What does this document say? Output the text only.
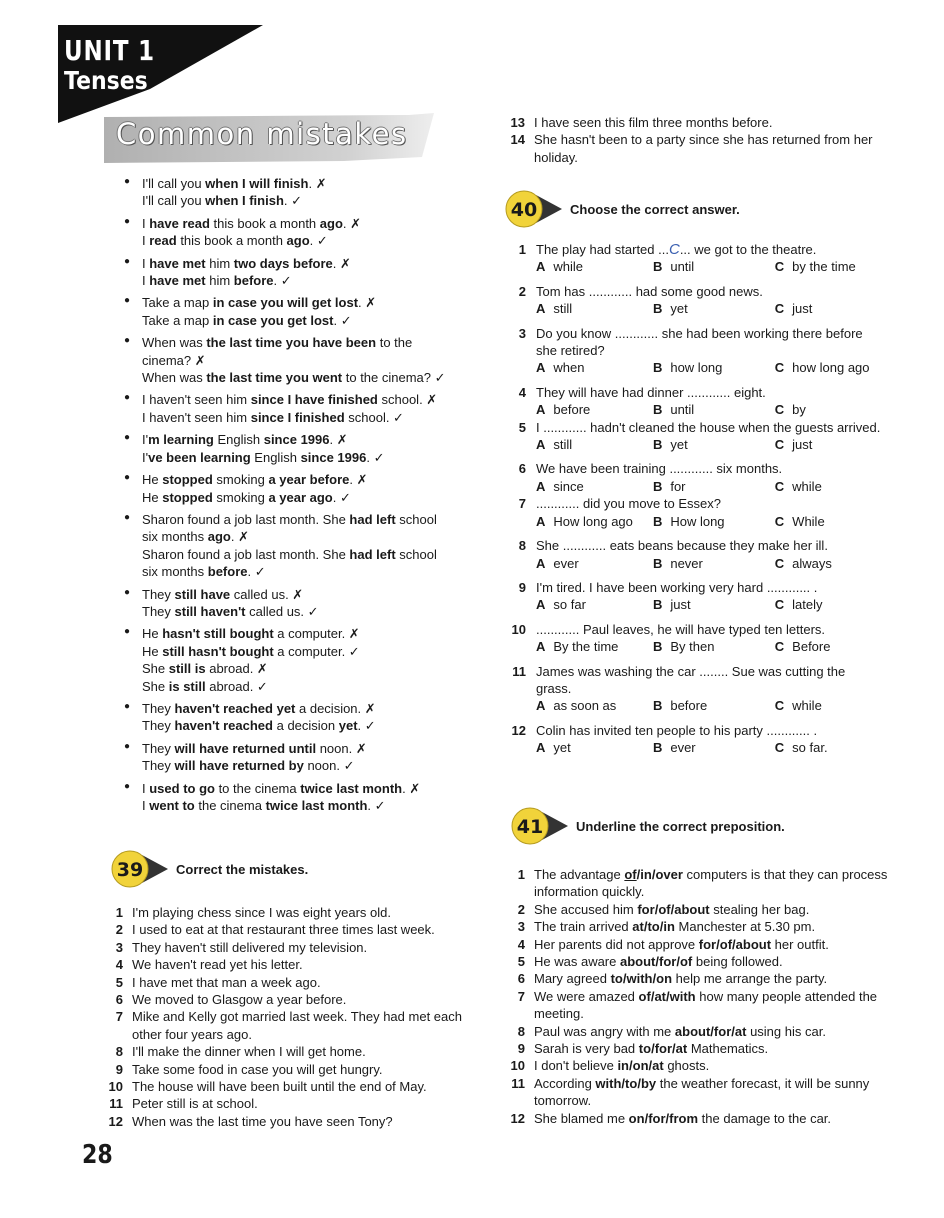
UNIT 1
Tenses
Common mistakes
● I'll call you when I will finish. ✗
I'll call you when I finish. ✓
● I have read this book a month ago. ✗
I read this book a month ago. ✓
● I have met him two days before. ✗
I have met him before. ✓
● Take a map in case you will get lost. ✗
Take a map in case you get lost. ✓
● When was the last time you have been to the
cinema? ✗
When was the last time you went to the cinema? ✓
● I haven't seen him since I have finished school. ✗
I haven't seen him since I finished school. ✓
● I'm learning English since 1996. ✗
I've been learning English since 1996. ✓
● He stopped smoking a year before. ✗
He stopped smoking a year ago. ✓
● Sharon found a job last month. She had left school
six months ago. ✗
Sharon found a job last month. She had left school
six months before. ✓
● They still have called us. ✗
They still haven't called us. ✓
● He hasn't still bought a computer. ✗
He still hasn't bought a computer. ✓
She still is abroad. ✗
She is still abroad. ✓
● They haven't reached yet a decision. ✗
They haven't reached a decision yet. ✓
● They will have returned until noon. ✗
They will have returned by noon. ✓
● I used to go to the cinema twice last month. ✗
I went to the cinema twice last month. ✓
39	Correct the mistakes.
1 I'm playing chess since I was eight years old.
2 I used to eat at that restaurant three times last week.
3 They haven't still delivered my television.
4 We haven't read yet his letter.
5 I have met that man a week ago.
6 We moved to Glasgow a year before.
7 Mike and Kelly got married last week. They had met each other four years ago.
8 I'll make the dinner when I will get home.
9 Take some food in case you will get hungry.
10 The house will have been built until the end of May.
11 Peter still is at school.
12 When was the last time you have seen Tony?
13 I have seen this film three months before.
14 She hasn't been to a party since she has returned from her holiday.
40	Choose the correct answer.
1 The play had started ...C... we got to the theatre.
A while	B until	C by the time
2 Tom has ............ had some good news.
A still	B yet	C just
3 Do you know ............ she had been working there before she retired?
A when	B how long	C how long ago
4 They will have had dinner ............ eight.
A before	B until	C by
5 I ............ hadn't cleaned the house when the guests arrived.
A still	B yet	C just
6 We have been training ............ six months.
A since	B for	C while
7 ............ did you move to Essex?
A How long ago	B How long	C While
8 She ............ eats beans because they make her ill.
A ever	B never	C always
9 I'm tired. I have been working very hard ............ .
A so far	B just	C lately
10 ............ Paul leaves, he will have typed ten letters.
A By the time	B By then	C Before
11 James was washing the car ........ Sue was cutting the grass.
A as soon as	B before	C while
12 Colin has invited ten people to his party ............ .
A yet	B ever	C so far.
41	Underline the correct preposition.
1 The advantage of/in/over computers is that they can process information quickly.
2 She accused him for/of/about stealing her bag.
3 The train arrived at/to/in Manchester at 5.30 pm.
4 Her parents did not approve for/of/about her outfit.
5 He was aware about/for/of being followed.
6 Mary agreed to/with/on help me arrange the party.
7 We were amazed of/at/with how many people attended the meeting.
8 Paul was angry with me about/for/at using his car.
9 Sarah is very bad to/for/at Mathematics.
10 I don't believe in/on/at ghosts.
11 According with/to/by the weather forecast, it will be sunny tomorrow.
12 She blamed me on/for/from the damage to the car.
28
